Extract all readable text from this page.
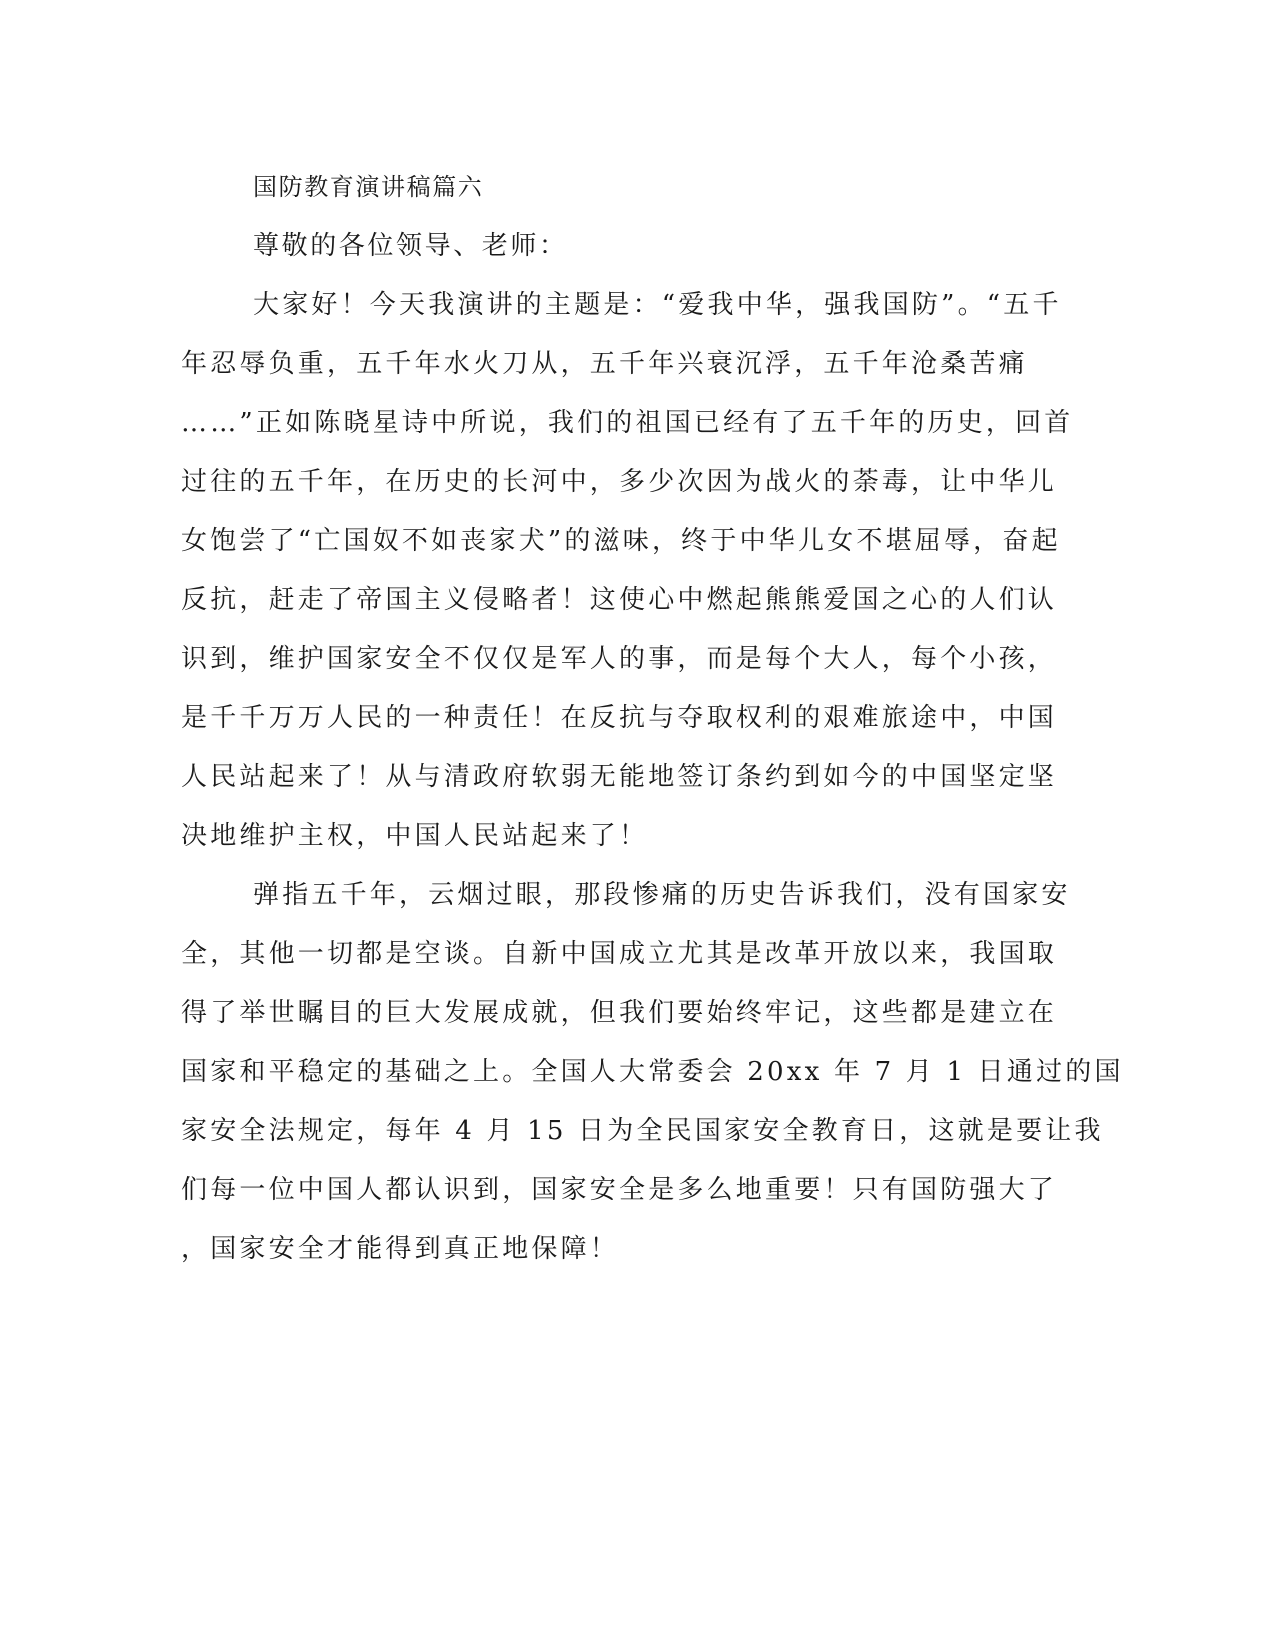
国防教育演讲稿篇六
尊敬的各位领导、老师：
大家好！今天我演讲的主题是：“爱我中华，强我国防”。“五千
年忍辱负重，五千年水火刀从，五千年兴衰沉浮，五千年沧桑苦痛
……”正如陈晓星诗中所说，我们的祖国已经有了五千年的历史，回首
过往的五千年，在历史的长河中，多少次因为战火的荼毒，让中华儿
女饱尝了“亡国奴不如丧家犬”的滋味，终于中华儿女不堪屈辱，奋起
反抗，赶走了帝国主义侵略者！这使心中燃起熊熊爱国之心的人们认
识到，维护国家安全不仅仅是军人的事，而是每个大人，每个小孩，
是千千万万人民的一种责任！在反抗与夺取权利的艰难旅途中，中国
人民站起来了！从与清政府软弱无能地签订条约到如今的中国坚定坚
决地维护主权，中国人民站起来了！
弹指五千年，云烟过眼，那段惨痛的历史告诉我们，没有国家安
全，其他一切都是空谈。自新中国成立尤其是改革开放以来，我国取
得了举世瞩目的巨大发展成就，但我们要始终牢记，这些都是建立在
国家和平稳定的基础之上。全国人大常委会 20xx 年 7 月 1 日通过的国
家安全法规定，每年 4 月 15 日为全民国家安全教育日，这就是要让我
们每一位中国人都认识到，国家安全是多么地重要！只有国防强大了
，国家安全才能得到真正地保障！
